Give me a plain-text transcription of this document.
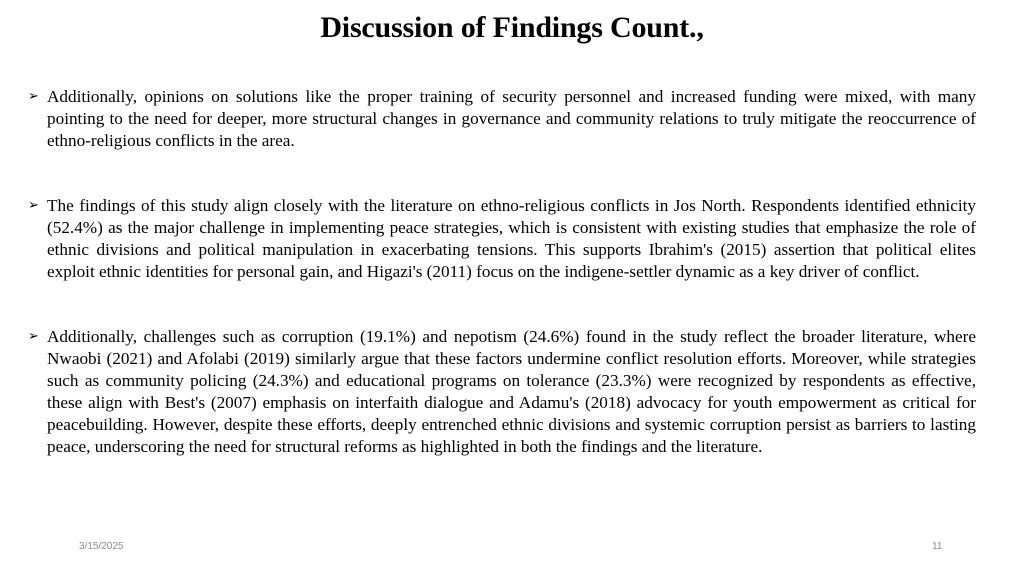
Discussion of Findings Count.,
➢ Additionally, opinions on solutions like the proper training of security personnel and increased funding were mixed, with many pointing to the need for deeper, more structural changes in governance and community relations to truly mitigate the reoccurrence of ethno-religious conflicts in the area.
➢ The findings of this study align closely with the literature on ethno-religious conflicts in Jos North. Respondents identified ethnicity (52.4%) as the major challenge in implementing peace strategies, which is consistent with existing studies that emphasize the role of ethnic divisions and political manipulation in exacerbating tensions. This supports Ibrahim's (2015) assertion that political elites exploit ethnic identities for personal gain, and Higazi's (2011) focus on the indigene-settler dynamic as a key driver of conflict.
➢ Additionally, challenges such as corruption (19.1%) and nepotism (24.6%) found in the study reflect the broader literature, where Nwaobi (2021) and Afolabi (2019) similarly argue that these factors undermine conflict resolution efforts. Moreover, while strategies such as community policing (24.3%) and educational programs on tolerance (23.3%) were recognized by respondents as effective, these align with Best's (2007) emphasis on interfaith dialogue and Adamu's (2018) advocacy for youth empowerment as critical for peacebuilding. However, despite these efforts, deeply entrenched ethnic divisions and systemic corruption persist as barriers to lasting peace, underscoring the need for structural reforms as highlighted in both the findings and the literature.
3/15/2025	11
